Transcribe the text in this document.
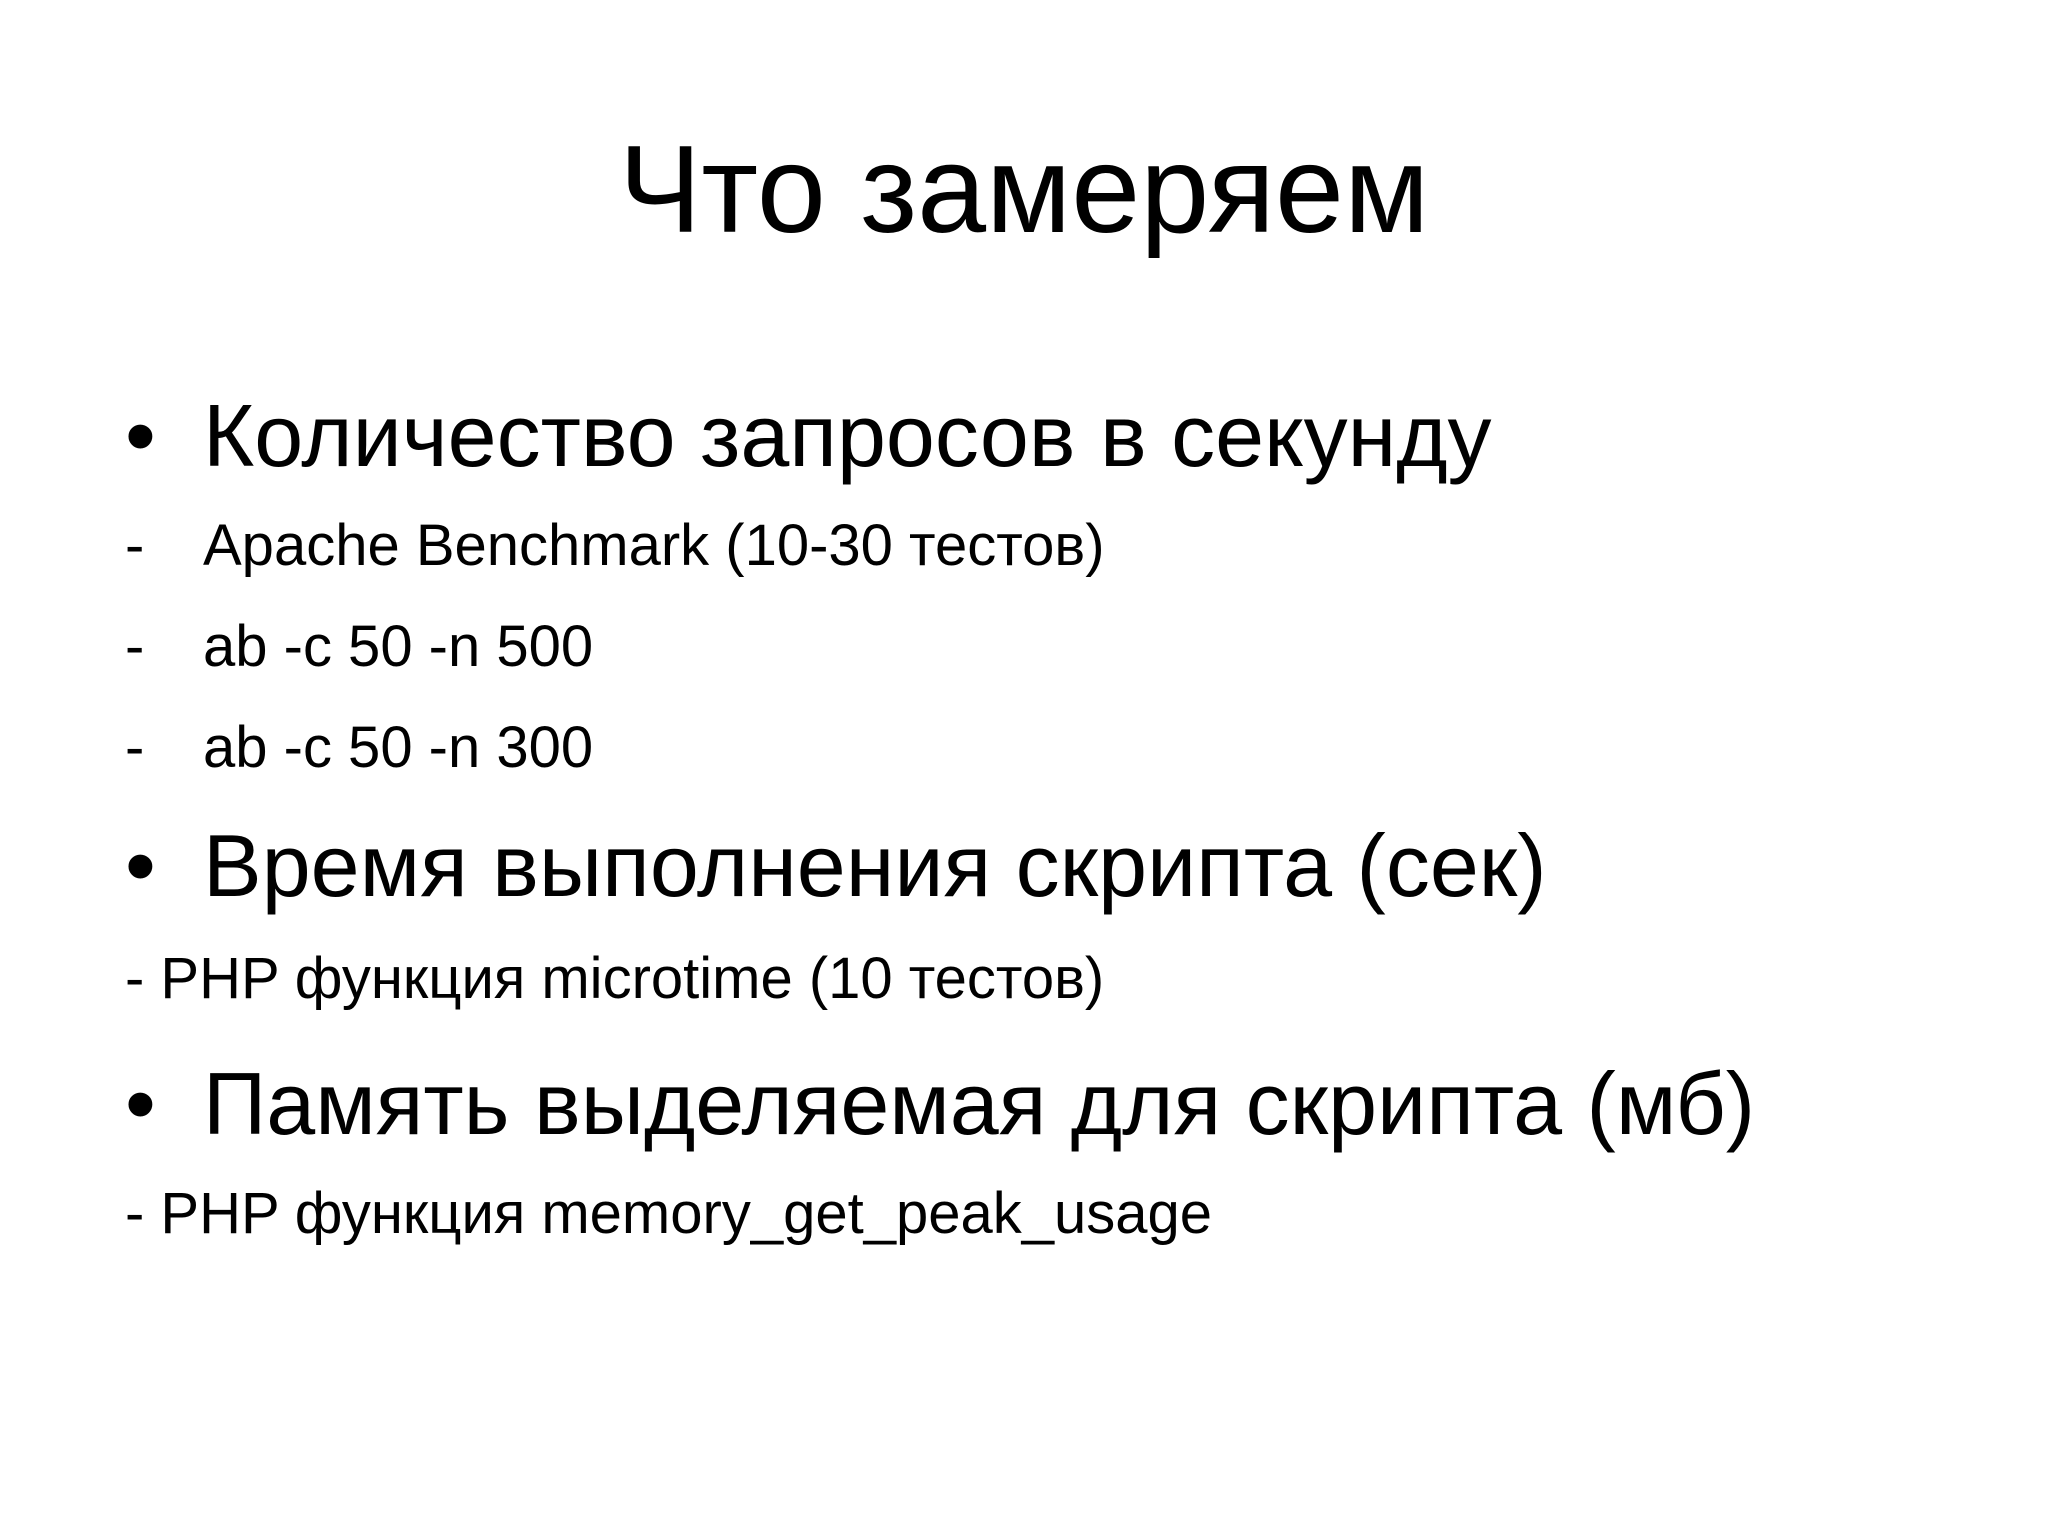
Что замеряем
• Количество запросов в секунду
- Apache Benchmark (10-30 тестов)
- ab -c 50 -n 500
- ab -c 50 -n 300
• Время выполнения скрипта (сек)
- PHP функция microtime (10 тестов)
• Память выделяемая для скрипта (мб)
- PHP функция memory_get_peak_usage
